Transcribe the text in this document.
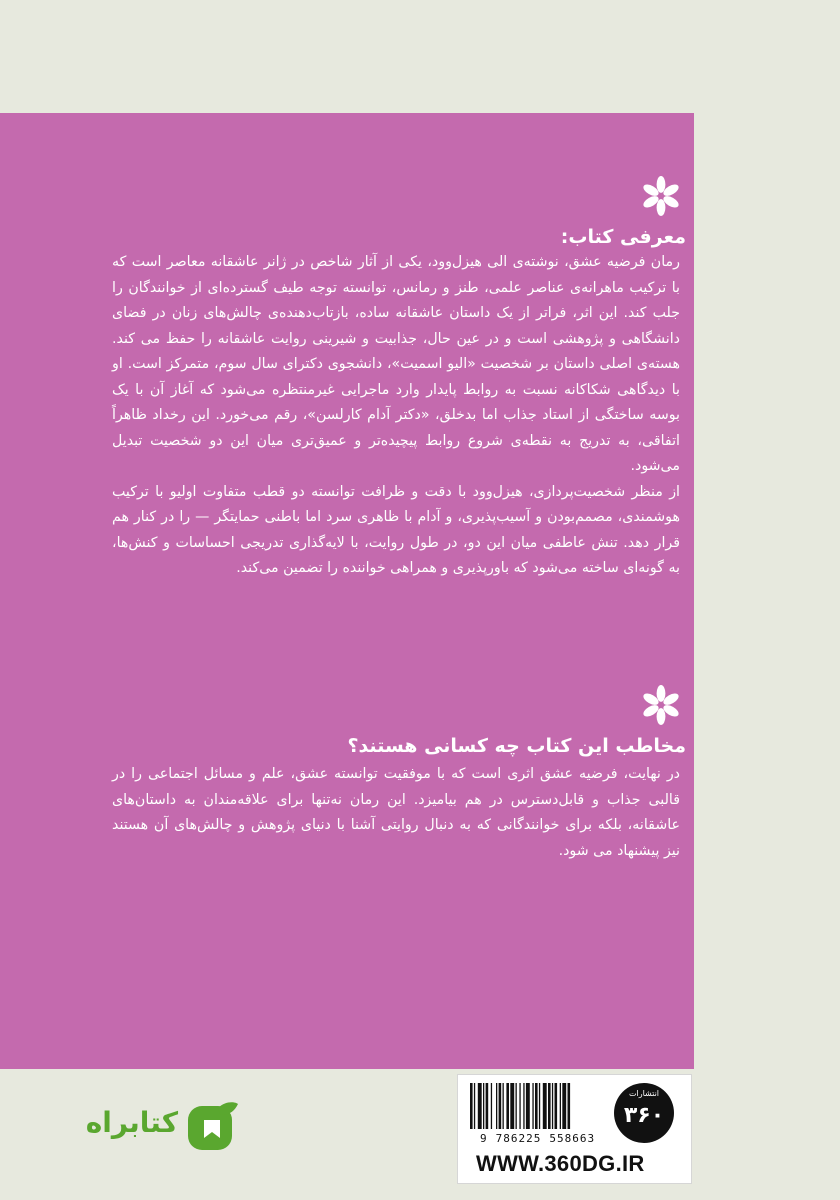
معرفی کتاب:

رمان فرضیه عشق، نوشته‌ی الی هیزل‌وود، یکی از آثار شاخص در ژانر عاشقانه معاصر است که با ترکیب ماهرانه‌ی عناصر علمی، طنز و رمانس، توانسته توجه طیف گسترده‌ای از خوانندگان را جلب کند. این اثر، فراتر از یک داستان عاشقانه ساده، بازتاب‌دهنده‌ی چالش‌های زنان در فضای دانشگاهی و پژوهشی است و در عین حال، جذابیت و شیرینی روایت عاشقانه را حفظ می کند. هسته‌ی اصلی داستان بر شخصیت «الیو اسمیت»، دانشجوی دکترای سال سوم، متمرکز است. او با دیدگاهی شکاکانه نسبت به روابط پایدار وارد ماجرایی غیرمنتظره می‌شود که آغاز آن با یک بوسه ساختگی از استاد جذاب اما بدخلق، «دکتر آدام کارلسن»، رقم می‌خورد. این رخداد ظاهراً اتفاقی، به تدریج به نقطه‌ی شروع روابط پیچیده‌تر و عمیق‌تری میان این دو شخصیت تبدیل می‌شود.

از منظر شخصیت‌پردازی، هیزل‌وود با دقت و ظرافت توانسته دو قطب متفاوت اولیو با ترکیب هوشمندی، مصمم‌بودن و آسیب‌پذیری، و آدام با ظاهری سرد اما باطنی حمایتگر — را در کنار هم قرار دهد. تنش عاطفی میان این دو، در طول روایت، با لایه‌گذاری تدریجی احساسات و کنش‌ها، به گونه‌ای ساخته می‌شود که باورپذیری و همراهی خواننده را تضمین می‌کند.

مخاطب این کتاب چه کسانی هستند؟

در نهایت، فرضیه عشق اثری است که با موفقیت توانسته عشق، علم و مسائل اجتماعی را در قالبی جذاب و قابل‌دسترس در هم بیامیزد. این رمان نه‌تنها برای علاقه‌مندان به داستان‌های عاشقانه، بلکه برای خوانندگانی که به دنبال روایتی آشنا با دنیای پژوهش و چالش‌های آن هستند نیز پیشنهاد می شود.

9 786225 558663
WWW.360DG.IR
انتشارات
۳۶۰
کتابراه
